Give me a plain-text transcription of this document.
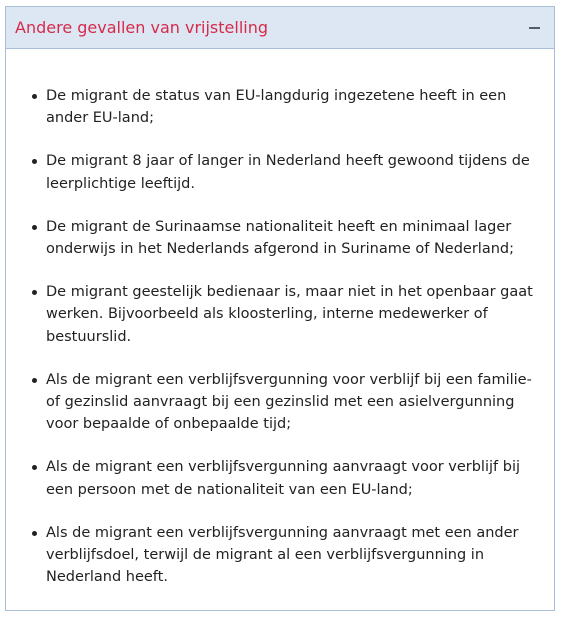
Andere gevallen van vrijstelling
De migrant de status van EU-langdurig ingezetene heeft in een ander EU-land;
De migrant 8 jaar of langer in Nederland heeft gewoond tijdens de leerplichtige leeftijd.
De migrant de Surinaamse nationaliteit heeft en minimaal lager onderwijs in het Nederlands afgerond in Suriname of Nederland;
De migrant geestelijk bedienaar is, maar niet in het openbaar gaat werken. Bijvoorbeeld als kloosterling, interne medewerker of bestuurslid.
Als de migrant een verblijfsvergunning voor verblijf bij een familie- of gezinslid aanvraagt bij een gezinslid met een asielvergunning voor bepaalde of onbepaalde tijd;
Als de migrant een verblijfsvergunning aanvraagt voor verblijf bij een persoon met de nationaliteit van een EU-land;
Als de migrant een verblijfsvergunning aanvraagt met een ander verblijfsdoel, terwijl de migrant al een verblijfsvergunning in Nederland heeft.
